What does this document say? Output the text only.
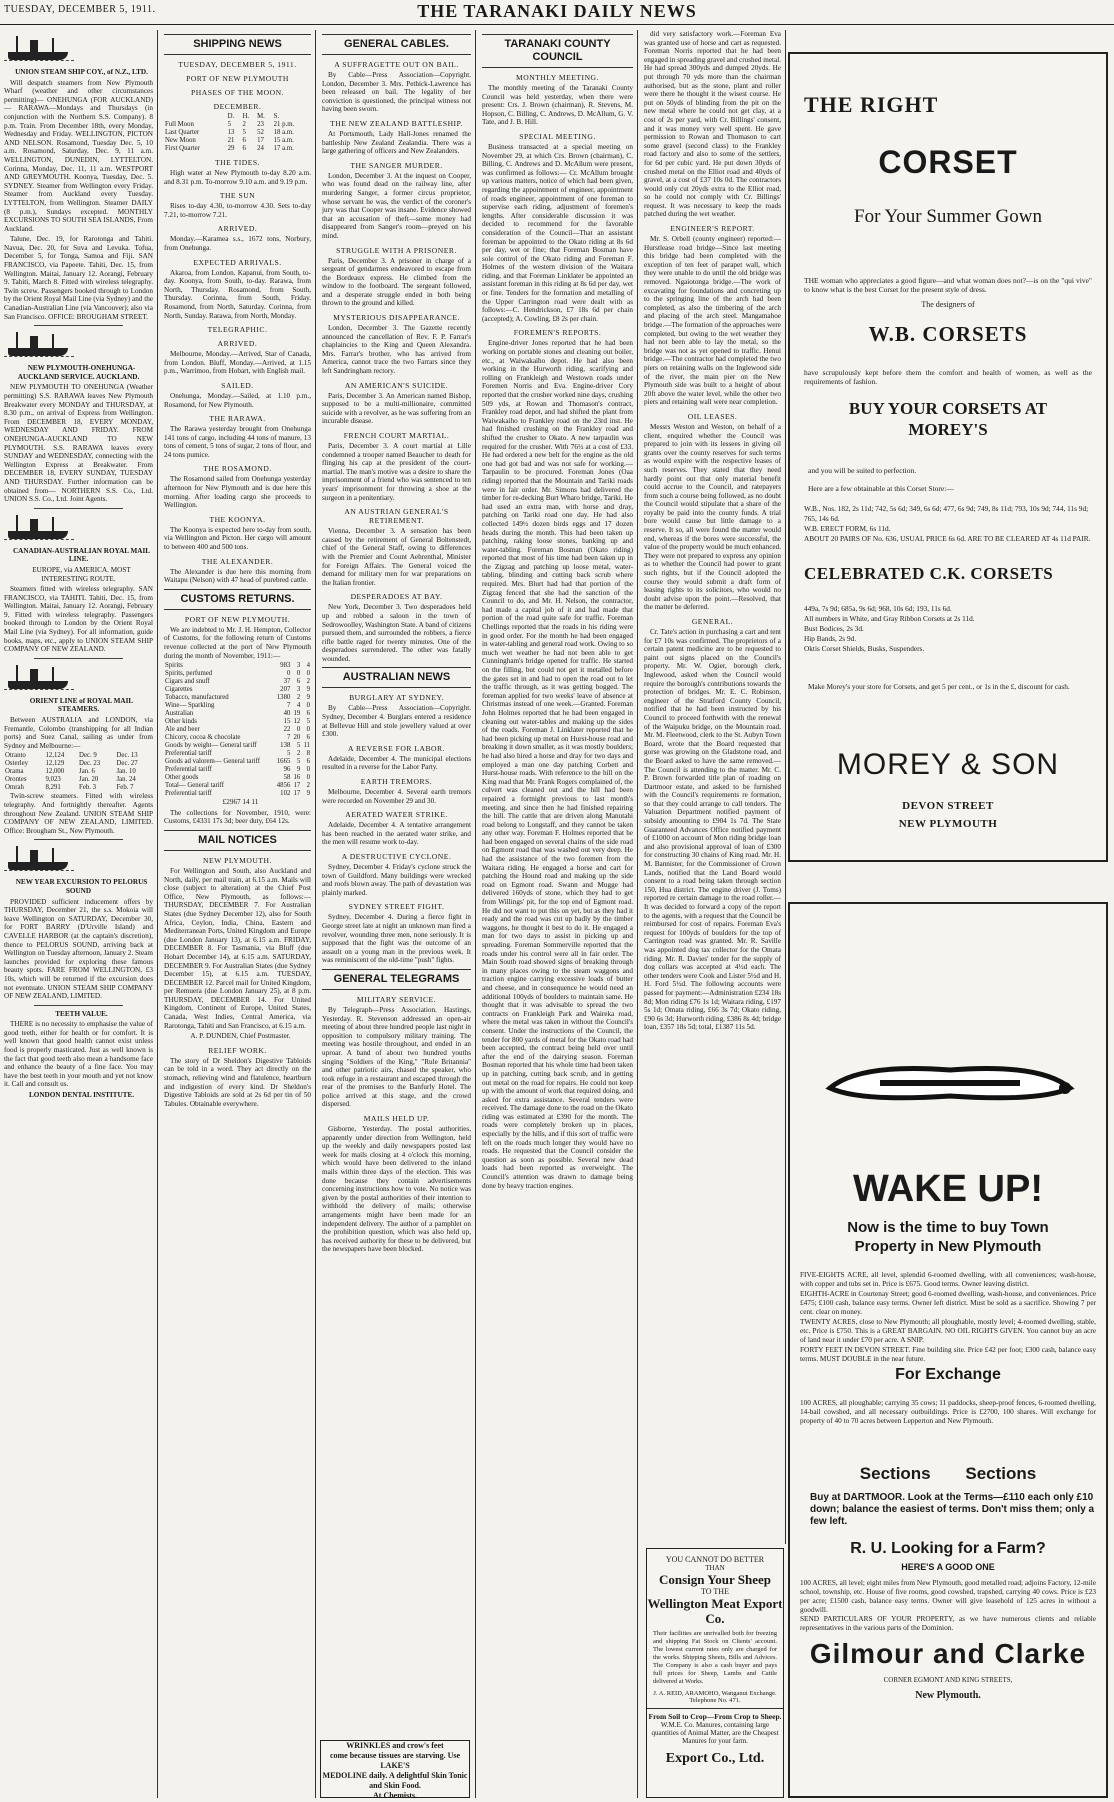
TUESDAY, DECEMBER 5, 1911.	THE TARANAKI DAILY NEWS

UNION STEAM SHIP COY., of N.Z., LTD.

Will despatch steamers from New Plymouth Wharf (weather and other circumstances permitting)— ONEHUNGA (FOR AUCKLAND)— RARAWA—Mondays and Thursdays (in conjunction with the Northern S.S. Company). 8 p.m. Train. From December 18th, every Monday, Wednesday and Friday. WELLINGTON, PICTON AND NELSON. Rosamond, Tuesday Dec. 5, 10 a.m. Rosamond, Saturday, Dec. 9, 11 a.m. WELLINGTON, DUNEDIN, LYTTELTON. Corinna, Monday, Dec. 11, 11 a.m. WESTPORT AND GREYMOUTH. Koonya, Tuesday, Dec. 5. SYDNEY. Steamer from Wellington every Friday. Steamer from Auckland every Tuesday. LYTTELTON, from Wellington. Steamer DAILY (8 p.m.), Sundays excepted. MONTHLY EXCURSIONS TO SOUTH SEA ISLANDS, From Auckland.

Talune, Dec. 19, for Rarotonga and Tahiti. Navua, Dec. 20, for Suva and Levuka. Tofua, December 5, for Tonga, Samoa and Fiji. SAN FRANCISCO, via Papeete. Tahiti, Dec. 15, from Wellington. Maitai, January 12. Aorangi, February 9. Tahiti, March 8. Fitted with wireless telegraphy. Twin screw. Passengers booked through to London by the Orient Royal Mail Line (via Sydney) and the Canadian-Australian Line (via Vancouver); also via San Francisco. OFFICE: BROUGHAM STREET.

NEW PLYMOUTH-ONEHUNGA-AUCKLAND SERVICE. AUCKLAND.

NEW PLYMOUTH TO ONEHUNGA (Weather permitting) S.S. RARAWA leaves New Plymouth Breakwater every MONDAY and THURSDAY, at 8.30 p.m., on arrival of Express from Wellington. From DECEMBER 18, EVERY MONDAY, WEDNESDAY AND FRIDAY. FROM ONEHUNGA-AUCKLAND TO NEW PLYMOUTH. S.S. RARAWA leaves every SUNDAY and WEDNESDAY, connecting with the Wellington Express at Breakwater. From DECEMBER 18, EVERY SUNDAY, TUESDAY AND THURSDAY. Further information can be obtained from— NORTHERN S.S. Co., Ltd. UNION S.S. Co., Ltd. Joint Agents.

CANADIAN-AUSTRALIAN ROYAL MAIL LINE.

EUROPE, via AMERICA. MOST INTERESTING ROUTE.

Steamers fitted with wireless telegraphy. SAN FRANCISCO, via TAHITI. Tahiti, Dec. 15, from Wellington. Maitai, January 12. Aorangi, February 9. Fitted with wireless telegraphy. Passengers booked through to London by the Orient Royal Mail Line (via Sydney). For all information, guide books, maps, etc., apply to UNION STEAM SHIP COMPANY OF NEW ZEALAND.

ORIENT LINE of ROYAL MAIL STEAMERS.

Between AUSTRALIA and LONDON, via Fremantle, Colombo (transhipping for all Indian ports) and Suez Canal, sailing as under from Sydney and Melbourne:—

Otranto	12,124	Dec. 9	Dec. 13
Osterley	12,129	Dec. 23	Dec. 27
Orama	12,000	Jan. 6	Jan. 10
Orontes	9,023	Jan. 20	Jan. 24
Omrah	8,291	Feb. 3	Feb. 7

Twin-screw steamers. Fitted with wireless telegraphy. And fortnightly thereafter. Agents throughout New Zealand. UNION STEAM SHIP COMPANY OF NEW ZEALAND, LIMITED. Office: Brougham St., New Plymouth.

NEW YEAR EXCURSION TO PELORUS SOUND

PROVIDED sufficient inducement offers by THURSDAY, December 21, the s.s. Mokoia will leave Wellington on SATURDAY, December 30, for FORT BARRY (D'Urville Island) and CAVELLE HARBOR (at the captain's discretion), thence to PELORUS SOUND, arriving back at Wellington on Tuesday afternoon, January 2. Steam launches provided for exploring these famous beauty spots. FARE FROM WELLINGTON, £3 10s, which will be returned if the excursion does not eventuate. UNION STEAM SHIP COMPANY OF NEW ZEALAND, LIMITED.

TEETH VALUE.

THERE is no necessity to emphasise the value of good teeth, either for health or for comfort. It is well known that good health cannot exist unless food is properly masticated. Just as well known is the fact that good teeth also mean a handsome face and enhance the beauty of a fine face. You may have the best teeth in your mouth and yet not know it. Call and consult us.

LONDON DENTAL INSTITUTE.

SHIPPING NEWS
TUESDAY, DECEMBER 5, 1911.
PORT OF NEW PLYMOUTH
PHASES OF THE MOON.
DECEMBER.
	D.	H.	M.	S.
Full Moon	5	2	23	21 p.m.
Last Quarter	13	5	52	18 a.m.
New Moon	21	6	17	15 a.m.
First Quarter	29	6	24	17 a.m.
THE TIDES.

High water at New Plymouth to-day 8.20 a.m. and 8.31 p.m. To-morrow 9.10 a.m. and 9.19 p.m.

THE SUN

Rises to-day 4.30, to-morrow 4.30. Sets to-day 7.21, to-morrow 7.21.

ARRIVED.

Monday.—Karamea s.s., 1672 tons, Norbury, from Onehunga.

EXPECTED ARRIVALS.

Akaroa, from London. Kapanui, from South, to-day. Koonya, from South, to-day. Rarawa, from North, Thursday. Rosamond, from South, Thursday. Corinna, from South, Friday. Rosamond, from North, Saturday. Corinna, from North, Sunday. Rarawa, from North, Monday.

TELEGRAPHIC.
ARRIVED.

Melbourne, Monday.—Arrived, Star of Canada, from London. Bluff, Monday.—Arrived, at 1.15 p.m., Warrimoo, from Hobart, with English mail.

SAILED.

Onehunga, Monday.—Sailed, at 1.10 p.m., Rosamond, for New Plymouth.

THE RARAWA.

The Rarawa yesterday brought from Onehunga 141 tons of cargo, including 44 tons of manure, 13 tons of cement, 5 tons of sugar, 2 tons of flour, and 24 tons pumice.

THE ROSAMOND.

The Rosamond sailed from Onehunga yesterday afternoon for New Plymouth and is due here this morning. After loading cargo she proceeds to Wellington.

THE KOONYA.

The Koonya is expected here to-day from south, via Wellington and Picton. Her cargo will amount to between 400 and 500 tons.

THE ALEXANDER.

The Alexander is due here this morning from Waitapu (Nelson) with 47 head of purebred cattle.

CUSTOMS RETURNS.
PORT OF NEW PLYMOUTH.

We are indebted to Mr. J. H. Hempton, Collector of Customs, for the following return of Customs revenue collected at the port of New Plymouth during the month of November, 1911:—

Spirits	983	3	4
Spirits, perfumed	0	0	0
Cigars and snuff	37	6	2
Cigarettes	207	3	9
Tobacco, manufactured	1380	2	9
Wine— Sparkling	7	4	0
Australian	40	19	6
Other kinds	15	12	5
Ale and beer	22	0	0
Chicory, cocoa & chocolate	7	20	6
Goods by weight— General tariff	138	5	11
Preferential tariff	5	2	8
Goods ad valorem— General tariff	1665	5	6
Preferential tariff	96	9	0
Other goods	58	16	0
Total— General tariff	4856	17	2
Preferential tariff	102	17	9

£2967 14 11

The collections for November, 1910, were: Customs, £4331 17s 3d; beer duty, £64 12s.

MAIL NOTICES
NEW PLYMOUTH.

For Wellington and South, also Auckland and North, daily, per mail train, at 6.15 a.m. Mails will close (subject to alteration) at the Chief Post Office, New Plymouth, as follows:— THURSDAY, DECEMBER 7. For Australian States (due Sydney December 12), also for South Africa, Ceylon, India, China, Eastern and Mediterranean Ports, United Kingdom and Europe (due London January 13), at 6.15 a.m. FRIDAY, DECEMBER 8. For Tasmania, via Bluff (due Hobart December 14), at 6.15 a.m. SATURDAY, DECEMBER 9. For Australian States (due Sydney December 15), at 6.15 a.m. TUESDAY, DECEMBER 12. Parcel mail for United Kingdom, per Remuera (due London January 25), at 8 p.m. THURSDAY, DECEMBER 14. For United Kingdom, Continent of Europe, United States, Canada, West Indies, Central America, via Rarotonga, Tahiti and San Francisco, at 6.15 a.m.

A. P. DUNDEN, Chief Postmaster.

RELIEF WORK.

The story of Dr Sheldon's Digestive Tabloids can be told in a word. They act directly on the stomach, relieving wind and flatulence, heartburn and indigestion of every kind. Dr Sheldon's Digestive Tabloids are sold at 2s 6d per tin of 50 Tabules. Obtainable everywhere.

GENERAL CABLES.
A SUFFRAGETTE OUT ON BAIL.

By Cable—Press Association—Copyright. London, December 3. Mrs. Pethick-Lawrence has been released on bail. The legality of her conviction is questioned, the principal witness not having been sworn.

THE NEW ZEALAND BATTLESHIP.

At Portsmouth, Lady Hall-Jones renamed the battleship New Zealand Zealandia. There was a large gathering of officers and New Zealanders.

THE SANGER MURDER.

London, December 3. At the inquest on Cooper, who was found dead on the railway line, after murdering Sanger, a former circus proprietor, whose servant he was, the verdict of the coroner's jury was that Cooper was insane. Evidence showed that an accusation of theft—some money had disappeared from Sanger's room—preyed on his mind.

STRUGGLE WITH A PRISONER.

Paris, December 3. A prisoner in charge of a sergeant of gendarmes endeavored to escape from the Bordeaux express. He climbed from the window to the footboard. The sergeant followed, and a desperate struggle ended in both being thrown to the ground and killed.

MYSTERIOUS DISAPPEARANCE.

London, December 3. The Gazette recently announced the cancellation of Rev. F. P. Farrar's chaplaincies to the King and Queen Alexandra. Mrs. Farrar's brother, who has arrived from America, cannot trace the two Farrars since they left Sandringham rectory.

AN AMERICAN'S SUICIDE.

Paris, December 3. An American named Bishop, supposed to be a multi-millionaire, committed suicide with a revolver, as he was suffering from an incurable disease.

FRENCH COURT MARTIAL.

Paris, December 3. A court martial at Lille condemned a trooper named Beaucher to death for flinging his cap at the president of the court-martial. The man's motive was a desire to share the imprisonment of a friend who was sentenced to ten years' imprisonment for throwing a shoe at the surgeon in a penitentiary.

AN AUSTRIAN GENERAL'S RETIREMENT.

Vienna, December 3. A sensation has been caused by the retirement of General Boltenstedt, chief of the General Staff, owing to differences with the Premier and Count Aehrenthal, Minister for Foreign Affairs. The General voiced the demand for military men for war preparations on the Italian frontier.

DESPERADOES AT BAY.

New York, December 3. Two desperadoes held up and robbed a saloon in the town of Sedrowoolley, Washington State. A band of citizens pursued them, and surrounded the robbers, a fierce rifle battle raged for twenty minutes. One of the desperadoes surrendered. The other was fatally wounded.

AUSTRALIAN NEWS
BURGLARY AT SYDNEY.

By Cable—Press Association—Copyright. Sydney, December 4. Burglars entered a residence at Bellevue Hill and stole jewellery valued at over £300.

A REVERSE FOR LABOR.

Adelaide, December 4. The municipal elections resulted in a reverse for the Labor Party.

EARTH TREMORS.

Melbourne, December 4. Several earth tremors were recorded on November 29 and 30.

AERATED WATER STRIKE.

Adelaide, December 4. A tentative arrangement has been reached in the aerated water strike, and the men will resume work to-day.

A DESTRUCTIVE CYCLONE.

Sydney, December 4. Friday's cyclone struck the town of Guildford. Many buildings were wrecked and roofs blown away. The path of devastation was plainly marked.

SYDNEY STREET FIGHT.

Sydney, December 4. During a fierce fight in George street late at night an unknown man fired a revolver, wounding three men, none seriously. It is supposed that the fight was the outcome of an assault on a young man in the previous week. It was reminiscent of the old-time "push" fights.

GENERAL TELEGRAMS
MILITARY SERVICE.

By Telegraph—Press Association. Hastings, Yesterday. R. Stevenson addressed an open-air meeting of about three hundred people last night in opposition to compulsory military training. The meeting was hostile throughout, and ended in an uproar. A band of about two hundred youths singing "Soldiers of the King," "Rule Britannia" and other patriotic airs, chased the speaker, who took refuge in a restaurant and escaped through the rear of the premises to the Banfurly Hotel. The police arrived at this stage, and the crowd dispersed.

MAILS HELD UP.

Gisborne, Yesterday. The postal authorities, apparently under direction from Wellington, held up the weekly and daily newspapers posted last week for mails closing at 4 o'clock this morning, which would have been delivered to the inland mails within three days of the election. This was done because they contain advertisements concerning instructions how to vote. No notice was given by the postal authorities of their intention to withhold the delivery of mails; otherwise arrangements might have been made for an independent delivery. The author of a pamphlet on the prohibition question, which was also held up, has received authority for these to be delivered, but the newspapers have been blocked.

WRINKLES and crow's feet
come because tissues are starving. Use LAKE'S
MEDOLINE daily. A delightful Skin Tonic and Skin Food.
At Chemists.
TARANAKI COUNTY COUNCIL
MONTHLY MEETING.

The monthly meeting of the Taranaki County Council was held yesterday, when there were present: Crs. J. Brown (chairman), R. Stevens, M. Hopson, C. Billing, C. Andrews, D. McAllum, G. V. Tate, and J. B. Hill.

SPECIAL MEETING.

Business transacted at a special meeting on November 29, at which Crs. Brown (chairman), C. Billing, C. Andrews and D. McAllum were present, was confirmed as follows:— Cr. McAllum brought up various matters, notice of which had been given, regarding the appointment of engineer, appointment of roads engineer, appointment of one foreman to supervise each riding, adjustment of foremen's lengths. After considerable discussion it was decided to recommend for the favorable consideration of the Council—That an assistant foreman be appointed to the Okato riding at 8s 6d per day, wet or fine; that Foreman Bosman have sole control of the Okato riding and Foreman F. Holmes of the western division of the Waitara riding, and that Foreman Linklater be appointed an assistant foreman in this riding at 8s 6d per day, wet or fine. Tenders for the formation and metalling of the Upper Carrington road were dealt with as follows:—C. Hendrickson, £7 18s 6d per chain (accepted); A. Cowling, £8 2s per chain.

FOREMEN'S REPORTS.

Engine-driver Jones reported that he had been working on portable stones and cleaning out boiler, etc., at Waiwakaiho depot. He had also been working in the Hurworth riding, scarifying and rolling on Frankleigh and Westown roads under Foremen Norris and Eva. Engine-driver Cory reported that the crusher worked nine days, crushing 509 yds, at Rowan and Thomason's contract, Frankley road depot, and had shifted the plant from Waiwakaiho to Frankley road on the 23rd inst. He had finished crushing on the Frankley road and shifted the crusher to Okato. A new tarpaulin was required for the crusher. With 76½ at a cost of £33. He had ordered a new belt for the engine as the old one had got bad and was not safe for working.—Tarpaulin to be procured. Foreman Jones (Oaa riding) reported that the Mountain and Tariki roads were in fair order. Mr. Simons had delivered the timber for re-decking Burt Wharo bridge, Tariki. He had used an extra man, with horse and dray, patching on Tariki road one day. He had also collected 149½ dozen birds eggs and 17 dozen heads during the month. This had been taken up patching, raking loose stones, banking up and water-tabling. Foreman Bosman (Okato riding) reported that most of his time had been taken up in the Zigzag and patching up loose metal, water-tabling, blinding and cutting back scrub where required. Mrs. Blurt had had that portion of the Zigzag fenced that she had the sanction of the Council to do, and Mr. H. Nelson, the contractor, had made a capital job of it and had made that portion of the road quite safe for traffic. Foreman Chellings reported that the roads in his riding were in good order. For the month he had been engaged in water-tabling and general road work. Owing to so much wet weather he had not been able to get Cunningham's bridge opened for traffic. He started on the filling, but could not get it metalled before the gates set in and had to open the road out to let the traffic through, as it was getting bogged. The foreman applied for two weeks' leave of absence at Christmas instead of one week.—Granted. Foreman John Holmes reported that he had been engaged in cleaning out water-tables and making up the sides of the roads. Foreman J. Linklater reported that he had been picking up metal on Hurst-house road and breaking it down smaller, as it was mostly boulders; he had also hired a horse and dray for two days and employed a man one day patching Corbett and Hurst-house roads. With reference to the hill on the King road that Mr. Frank Rogers complained of, the culvert was cleaned out and the hill had been repaired a fortnight previous to last month's meeting, and since then he had finished repairing the hill. The cattle that are driven along Manutahi road belong to Longstaff, and they cannot be taken any other way. Foreman F. Holmes reported that he had been engaged on several chains of the side road on Egmont road that was washed out very deep. He had the assistance of the two foremen from the Waitara riding. He engaged a horse and cart for patching the Hound road and making up the side road on Egmont road. Swann and Mugge had delivered 160yds of stone, which they had to get from Willings' pit, for the top end of Egmont road. He did not want to put this on yet, but as they had it ready and the road was cut up badly by the timber waggons, he thought it best to do it. He engaged a man for two days to assist in picking up and spreading. Foreman Sommerville reported that the roads under his control were all in fair order. The Main South road showed signs of breaking through in many places owing to the steam waggons and traction engine carrying excessive loads of butter and cheese, and in consequence he would need an additional 100yds of boulders to maintain same. He thought that it was advisable to spread the two contracts on Frankleigh Park and Waireka road, where the metal was taken in without the Council's consent. Under the instructions of the Council, the tender for 800 yards of metal for the Okato road had been accepted, the contract being held over until after the end of the dairying season. Foreman Bosman reported that his whole time had been taken up in patching, cutting back scrub, and in getting out metal on the road for repairs. He could not keep up with the amount of work that required doing, and asked for extra assistance. Several tenders were received. The damage done to the road on the Okato riding was estimated at £390 for the month. The roads were completely broken up in places, especially by the hills, and if this sort of traffic were left on the roads much longer they would have no roads. He requested that the Council consider the question as soon as possible. Several new dead loads had been reported as overweight. The Council's attention was drawn to damage being done by heavy traction engines.

did very satisfactory work.—Foreman Eva was granted use of horse and cart as requested. Foreman Norris reported that he had been engaged in spreading gravel and crushed metal. He had spread 300yds and dumped 20yds. He put through 70 yds more than the chairman authorised, but as the stone, plant and roller were there he thought it the wisest course. He put on 50yds of blinding from the pit on the new metal where he could not get clay, at a cost of 2s per yard, with Cr. Billings' consent, and it was money very well spent. He gave permission to Rowan and Thomason to cart some gravel (second class) to the Frankley road factory and also to some of the settlers, for 6d per cubic yard. He put down 30yds of crushed metal on the Elliot road and 40yds of gravel, at a cost of £37 10s 0d. The contractors would only cut 20yds extra to the Elliot road, so he could not comply with Cr. Billings' request. It was necessary to keep the roads patched during the wet weather.

ENGINEER'S REPORT.

Mr. S. Orbell (county engineer) reported:— Hurstlease road bridge—Since last meeting this bridge had been completed with the exception of ten feet of parapet wall, which they were unable to do until the old bridge was removed. Ngaiotonga bridge.—The work of excavating for foundations and concreting up to the springing line of the arch had been completed, as also the timbering of the arch and placing of the arch steel. Mangamahoe bridge.—The formation of the approaches were completed, but owing to the wet weather they had not been able to lay the metal, so the bridge was not as yet opened to traffic. Henui bridge.—The contractor had completed the two piers on retaining walls on the Inglewood side of the river, the main pier on the New Plymouth side was built to a height of about 20ft above the water level, while the other two piers and retaining wall were near completion.

OIL LEASES.

Messrs Weston and Weston, on behalf of a client, enquired whether the Council was prepared to join with its lessees in giving oil grants over the county reserves for such terms as would expire with the respective leases of such reserves. They stated that they need hardly point out that only material benefit could accrue to the Council, and ratepayers from such a course being followed, as no doubt the Council would stipulate that a share of the royalty be paid into the county funds. A trial bore would cause but little damage to a reserve. It so, all were found the matter would end, whereas if the bores were successful, the value of the property would be much enhanced. They were not prepared to express any opinion as to whether the Council had power to grant such rights, but if the Council adopted the course they would submit a draft form of leasing rights to its solicitors, who would no doubt advise upon the point.—Resolved, that the matter be deferred.

GENERAL.

Cr. Tate's action in purchasing a cart and tent for £7 10s was confirmed. The proprietors of a certain patent medicine are to be requested to paint out signs placed on the Council's property. Mr. W. Ogier, borough clerk, Inglewood, asked when the Council would require the borough's contributions towards the protection of bridges. Mr. E. C. Robinson, engineer of the Stratford County Council, notified that he had been instructed by his Council to proceed forthwith with the renewal of the Waipuku bridge, on the Mountain road. Mr. M. Fleetwood, clerk to the St. Aubyn Town Board, wrote that the Board requested that gorse was growing on the Gladstone road, and the Board asked to have the same removed.—The Council is attending to the matter. Mr. C. P. Brown forwarded title plan of roading on Dartmoor estate, and asked to be furnished with the Council's requirements re formation, so that they could arrange to call tenders. The Valuation Department notified payment of subsidy amounting to £904 1s 7d. The State Guaranteed Advances Office notified payment of £1000 on account of Mon riding bridge loan and also provisional approval of loan of £300 for constructing 30 chains of King road. Mr. H. M. Bannister, for the Commissioner of Crown Lands, notified that the Land Board would consent to a road being taken through section 150, Hua district. The engine driver (J. Toms) reported re certain damage to the road roller.—It was decided to forward a copy of the report to the agents, with a request that the Council be reimbursed for cost of repairs. Foreman Eva's request for 100yds of boulders for the top of Carrington road was granted. Mr. R. Saville was appointed dog tax collector for the Omata riding. Mr. R. Davies' tender for the supply of dog collars was accepted at 4½d each. The other tenders were Cook and Lister 5½d and H. H. Ford 5½d. The following accounts were passed for payment:—Administration £234 18s 8d; Mon riding £76 1s 1d; Waitara riding, £197 5s 1d; Omata riding, £66 3s 7d; Okato riding, £90 6s 3d; Hurworth riding, £386 8s 4d; bridge loan, £357 18s 5d; total, £1387 11s 5d.

YOU CANNOT DO BETTER
THAN
Consign Your Sheep
TO THE
Wellington Meat Export Co.
Their facilities are unrivalled both for freezing and shipping Fat Stock on Clients' account. The lowest current rates only are charged for the works. Shipping Sheets, Bills and Advices. The Company is also a cash buyer and pays full prices for Sheep, Lambs and Cattle delivered at Works.
J. A. REID, ARAMOHO, Wanganui Exchange. Telephone No. 471.
From Soil to Crop—From Crop to Sheep.
W.M.E. Co. Manures, containing large quantities of Animal Matter, are the Cheapest Manures for your farm.
Export Co., Ltd.
THE RIGHT
CORSET
For Your Summer Gown
THE woman who appreciates a good figure—and what woman does not?—is on the "qui vive" to know what is the best Corset for the present style of dress.
The designers of
W.B. CORSETS
have scrupulously kept before them the comfort and health of women, as well as the requirements of fashion.
BUY YOUR CORSETS AT
MOREY'S
and you will be suited to perfection.
Here are a few obtainable at this Corset Store:—
W.B., Nos. 182, 2s 11d; 742, 5s 6d; 349, 6s 6d; 477, 6s 9d; 749, 8s 11d; 793, 10s 9d; 744, 11s 9d; 765, 14s 6d.
W.B. ERECT FORM, 6s 11d.
ABOUT 20 PAIRS OF No. 636, USUAL PRICE 6s 6d. ARE TO BE CLEARED AT 4s 11d PAIR.
CELEBRATED C.K. CORSETS
449a, 7s 9d; 685a, 9s 6d; 968, 10s 6d; 193, 11s 6d.
All numbers in White, and Gray Ribbon Corsets at 2s 11d.
Bust Bodices, 2s 3d.
Hip Bands, 2s 9d.
Oktis Corset Shields, Busks, Suspenders.
Make Morey's your store for Corsets, and get 5 per cent., or 1s in the £, discount for cash.
MOREY & SON
DEVON STREET
NEW PLYMOUTH
WAKE UP!
Now is the time to buy Town
Property in New Plymouth

FIVE-EIGHTS ACRE, all level, splendid 6-roomed dwelling, with all conveniences; wash-house, with copper and tubs set in. Price is £675. Good terms. Owner leaving district.

EIGHTH-ACRE in Courtenay Street; good 6-roomed dwelling, wash-house, and conveniences. Price £475; £100 cash, balance easy terms. Owner left district. Must be sold as a sacrifice. Showing 7 per cent. clear on money.

TWENTY ACRES, close to New Plymouth; all ploughable, mostly level; 4-roomed dwelling, stable, etc. Price is £750. This is a GREAT BARGAIN. NO OIL RIGHTS GIVEN. You cannot buy an acre of land near it under £70 per acre. A SNIP.

FORTY FEET IN DEVON STREET. Fine building site. Price £42 per foot; £300 cash, balance easy terms. MUST DOUBLE in the near future.

For Exchange
100 ACRES, all ploughable; carrying 35 cows; 11 paddocks, sheep-proof fences, 6-roomed dwelling, 14-bail cowshed, and all necessary outbuildings. Price is £2700, 100 shares. Will exchange for property of 40 to 70 acres between Lepperton and New Plymouth.
Sections Sections
Buy at DARTMOOR. Look at the Terms—£110 each only £10 down; balance the easiest of terms. Don't miss them; only a few left.
R. U. Looking for a Farm?
HERE'S A GOOD ONE
100 ACRES, all level; eight miles from New Plymouth, good metalled road; adjoins Factory, 12-mile school, township, etc. House of five rooms, good cowshed, trapshed, carrying 40 cows. Price is £23 per acre; £1500 cash, balance easy terms. Owner will give leasehold of 125 acres in without a goodwill.
SEND PARTICULARS OF YOUR PROPERTY, as we have numerous clients and reliable representatives in the various parts of the Dominion.
Gilmour and Clarke
CORNER EGMONT AND KING STREETS,
New Plymouth.
